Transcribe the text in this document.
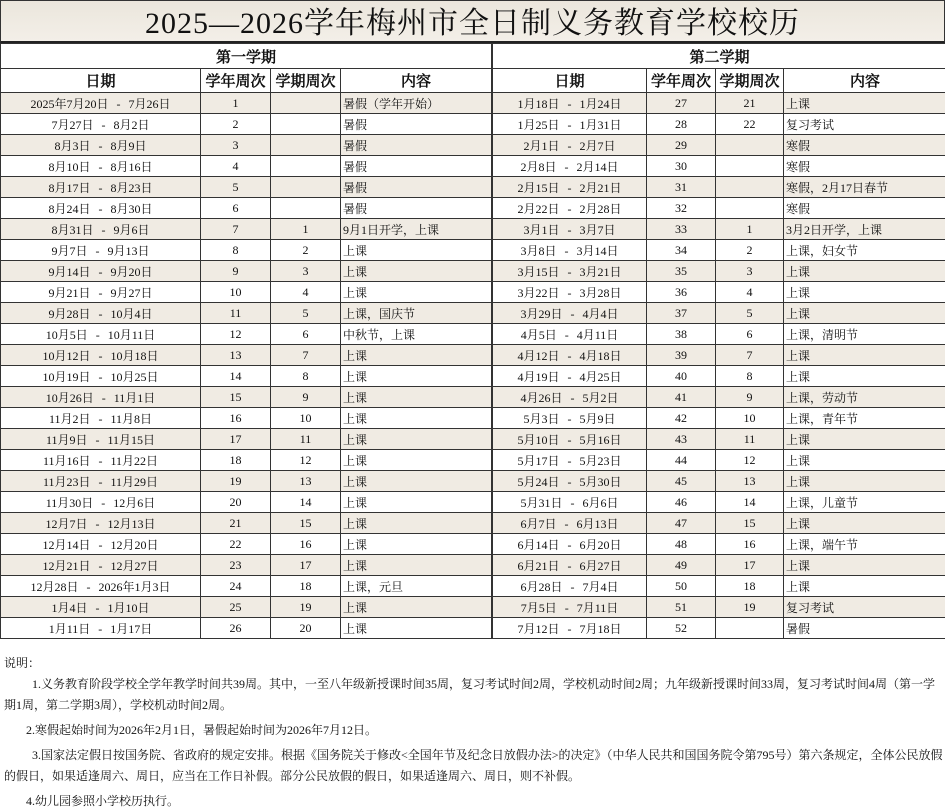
2025—2026学年梅州市全日制义务教育学校校历
第一学期			
日期	学年周次	学期周次	内容
2025年7月20日 - 7月26日	1		暑假（学年开始）
7月27日 - 8月2日	2		暑假
8月3日 - 8月9日	3		暑假
8月10日 - 8月16日	4		暑假
8月17日 - 8月23日	5		暑假
8月24日 - 8月30日	6		暑假
8月31日 - 9月6日	7	1	9月1日开学，上课
9月7日 - 9月13日	8	2	上课
9月14日 - 9月20日	9	3	上课
9月21日 - 9月27日	10	4	上课
9月28日 - 10月4日	11	5	上课，国庆节
10月5日 - 10月11日	12	6	中秋节，上课
10月12日 - 10月18日	13	7	上课
10月19日 - 10月25日	14	8	上课
10月26日 - 11月1日	15	9	上课
11月2日 - 11月8日	16	10	上课
11月9日 - 11月15日	17	11	上课
11月16日 - 11月22日	18	12	上课
11月23日 - 11月29日	19	13	上课
11月30日 - 12月6日	20	14	上课
12月7日 - 12月13日	21	15	上课
12月14日 - 12月20日	22	16	上课
12月21日 - 12月27日	23	17	上课
12月28日 - 2026年1月3日	24	18	上课，元旦
1月4日 - 1月10日	25	19	上课
1月11日 - 1月17日	26	20	上课
第二学期			
日期	学年周次	学期周次	内容
1月18日 - 1月24日	27	21	上课
1月25日 - 1月31日	28	22	复习考试
2月1日 - 2月7日	29		寒假
2月8日 - 2月14日	30		寒假
2月15日 - 2月21日	31		寒假，2月17日春节
2月22日 - 2月28日	32		寒假
3月1日 - 3月7日	33	1	3月2日开学，上课
3月8日 - 3月14日	34	2	上课，妇女节
3月15日 - 3月21日	35	3	上课
3月22日 - 3月28日	36	4	上课
3月29日 - 4月4日	37	5	上课
4月5日 - 4月11日	38	6	上课，清明节
4月12日 - 4月18日	39	7	上课
4月19日 - 4月25日	40	8	上课
4月26日 - 5月2日	41	9	上课，劳动节
5月3日 - 5月9日	42	10	上课，青年节
5月10日 - 5月16日	43	11	上课
5月17日 - 5月23日	44	12	上课
5月24日 - 5月30日	45	13	上课
5月31日 - 6月6日	46	14	上课，儿童节
6月7日 - 6月13日	47	15	上课
6月14日 - 6月20日	48	16	上课，端午节
6月21日 - 6月27日	49	17	上课
6月28日 - 7月4日	50	18	上课
7月5日 - 7月11日	51	19	复习考试
7月12日 - 7月18日	52		暑假

说明：

1.义务教育阶段学校全学年教学时间共39周。其中，一至八年级新授课时间35周，复习考试时间2周，学校机动时间2周；九年级新授课时间33周，复习考试时间4周（第一学期1周，第二学期3周），学校机动时间2周。

2.寒假起始时间为2026年2月1日，暑假起始时间为2026年7月12日。

3.国家法定假日按国务院、省政府的规定安排。根据《国务院关于修改<全国年节及纪念日放假办法>的决定》（中华人民共和国国务院令第795号）第六条规定，全体公民放假的假日，如果适逢周六、周日，应当在工作日补假。部分公民放假的假日，如果适逢周六、周日，则不补假。

4.幼儿园参照小学校历执行。
